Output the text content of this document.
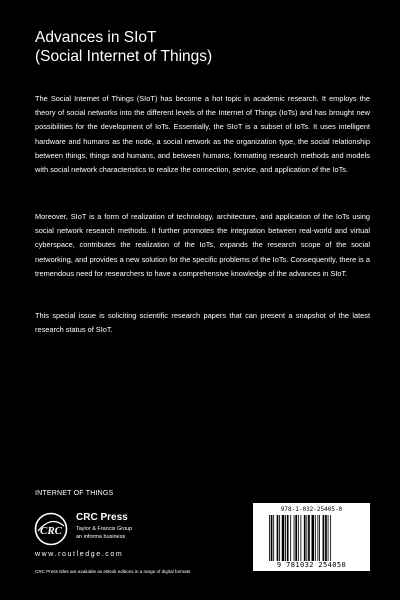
Advances in SIoT
(Social Internet of Things)

The Social Internet of Things (SIoT) has become a hot topic in academic research. It employs the theory of social networks into the different levels of the Internet of Things (IoTs) and has brought new possibilities for the development of IoTs. Essentially, the SIoT is a subset of IoTs. It uses intelligent hardware and humans as the node, a social network as the organization type, the social relationship between things, things and humans, and between humans, formatting research methods and models with social network characteristics to realize the connection, service, and application of the IoTs.

Moreover, SIoT is a form of realization of technology, architecture, and application of the IoTs using social network research methods. It further promotes the integration between real-world and virtual cyberspace, contributes the realization of the IoTs, expands the research scope of the social networking, and provides a new solution for the specific problems of the IoTs. Consequently, there is a tremendous need for researchers to have a comprehensive knowledge of the advances in SIoT.

This special issue is soliciting scientific research papers that can present a snapshot of the latest research status of SIoT.

INTERNET OF THINGS
CRC
CRC Press
Taylor & Francis Group
an informa business
www.routledge.com
CRC Press titles are available as eBook editions in a range of digital formats
978-1-032-25405-0
9 781032 254050
